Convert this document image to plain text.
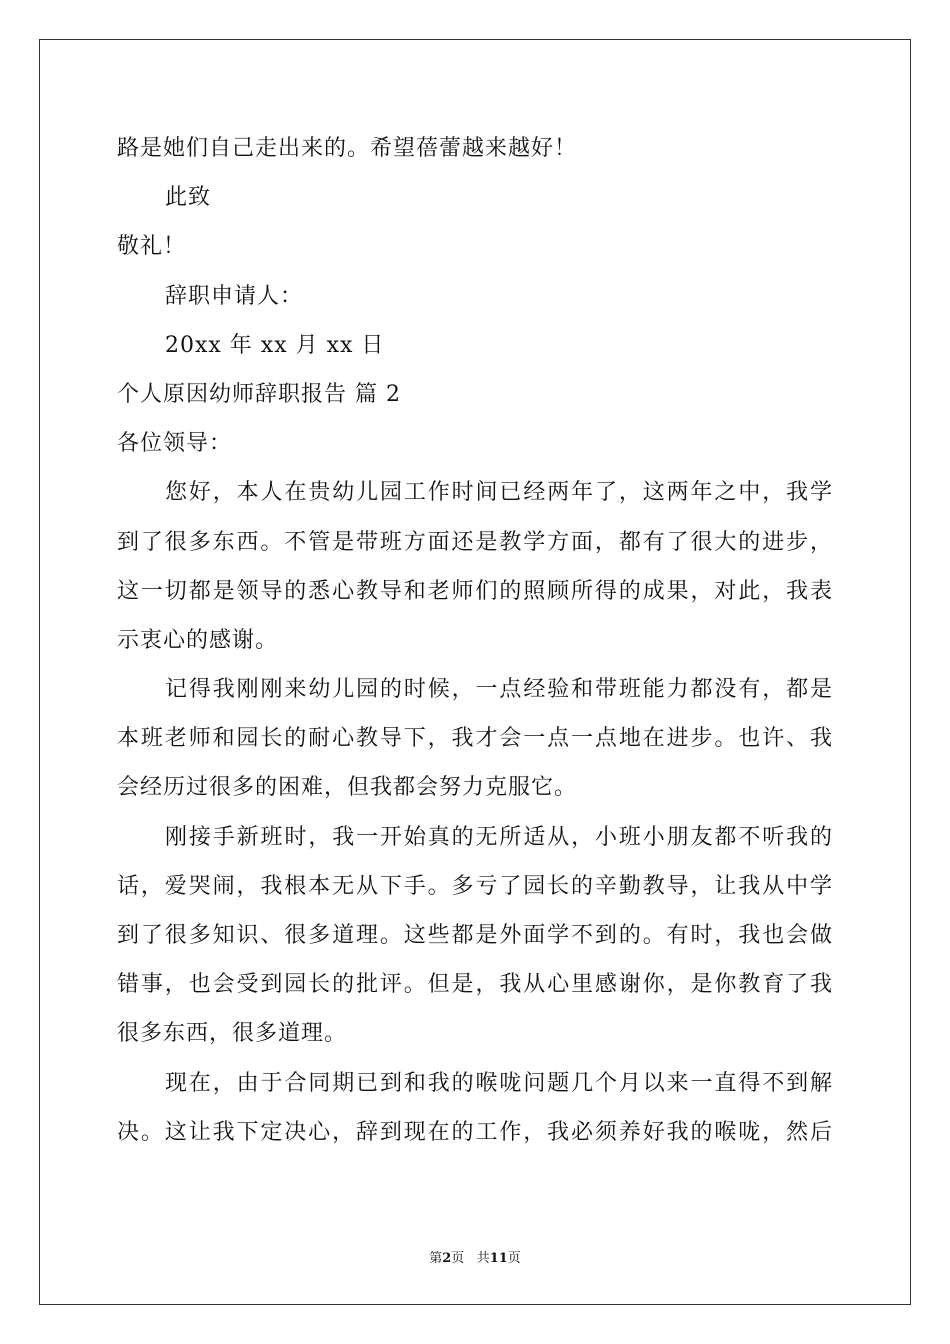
路是她们自己走出来的。希望蓓蕾越来越好！
此致
敬礼！
辞职申请人：
20xx 年 xx 月 xx 日
个人原因幼师辞职报告 篇 2
各位领导：
您好，本人在贵幼儿园工作时间已经两年了，这两年之中，我学
到了很多东西。不管是带班方面还是教学方面，都有了很大的进步，
这一切都是领导的悉心教导和老师们的照顾所得的成果，对此，我表
示衷心的感谢。
记得我刚刚来幼儿园的时候，一点经验和带班能力都没有，都是
本班老师和园长的耐心教导下，我才会一点一点地在进步。也许、我
会经历过很多的困难，但我都会努力克服它。
刚接手新班时，我一开始真的无所适从，小班小朋友都不听我的
话，爱哭闹，我根本无从下手。多亏了园长的辛勤教导，让我从中学
到了很多知识、很多道理。这些都是外面学不到的。有时，我也会做
错事，也会受到园长的批评。但是，我从心里感谢你，是你教育了我
很多东西，很多道理。
现在，由于合同期已到和我的喉咙问题几个月以来一直得不到解
决。这让我下定决心，辞到现在的工作，我必须养好我的喉咙，然后
第2页 共11页
